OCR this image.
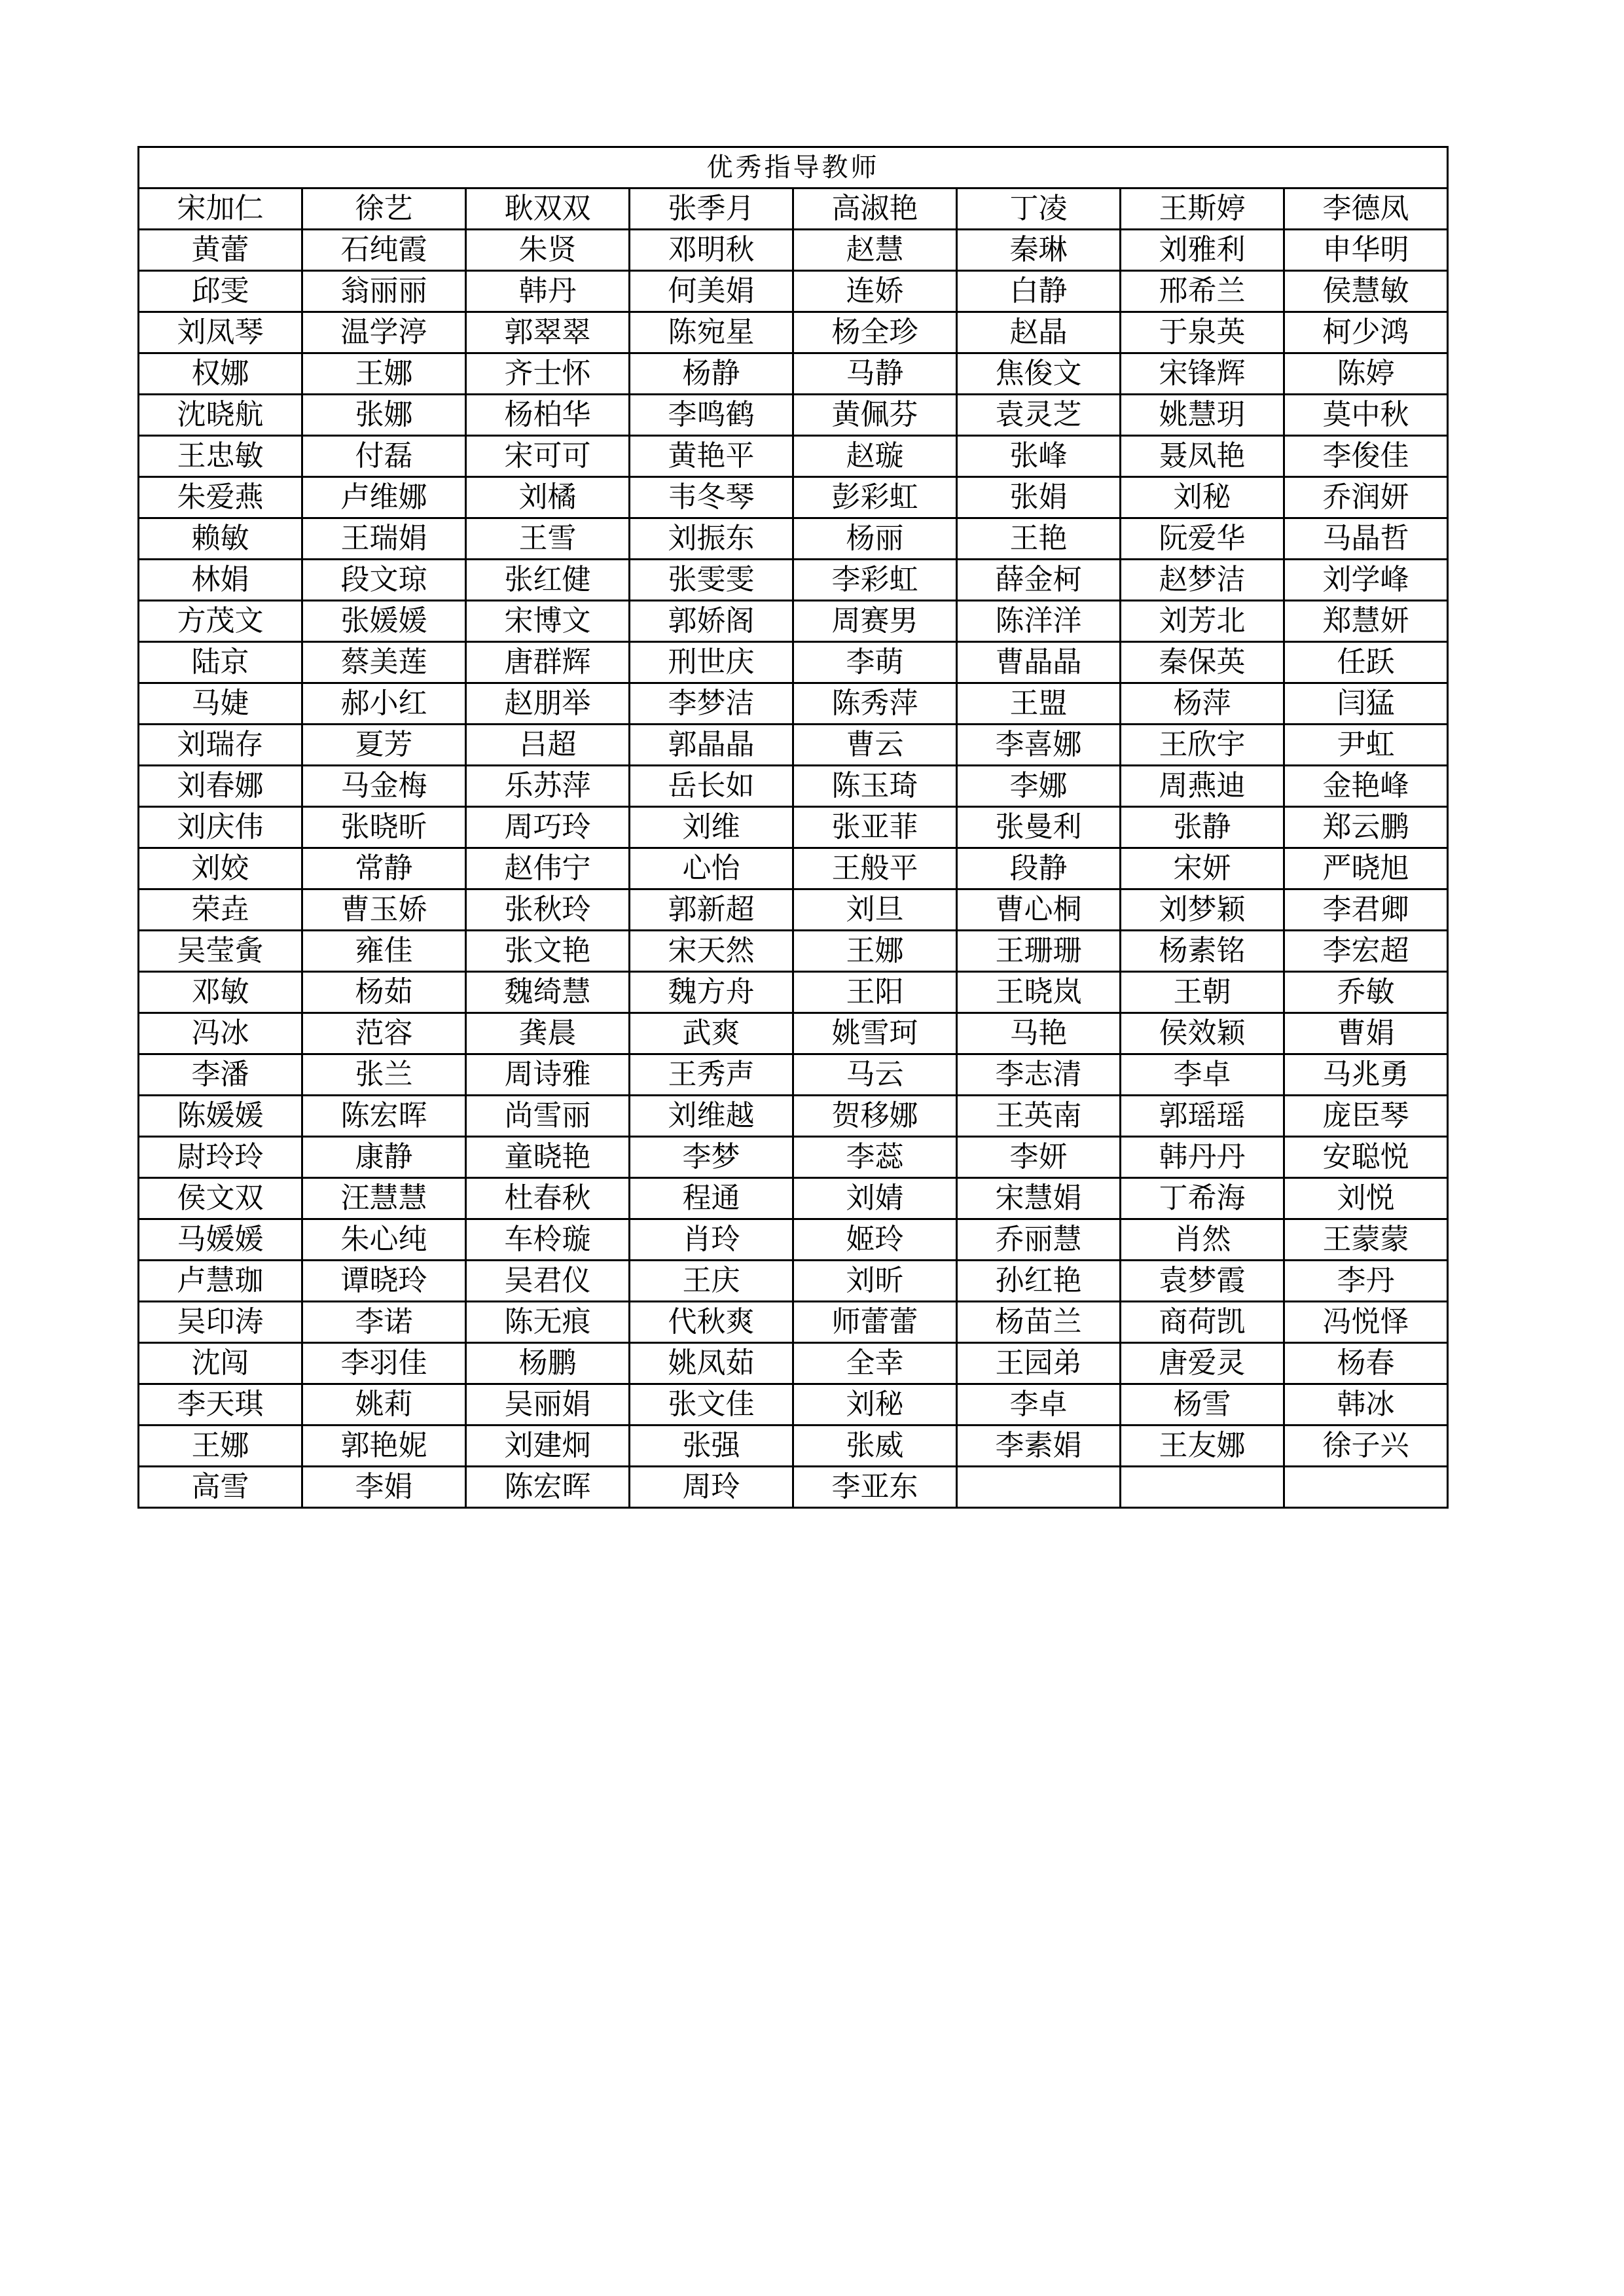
优秀指导教师							
宋加仁	徐艺	耿双双	张季月	高淑艳	丁凌	王斯婷	李德凤
黄蕾	石纯霞	朱贤	邓明秋	赵慧	秦琳	刘雅利	申华明
邱雯	翁丽丽	韩丹	何美娟	连娇	白静	邢希兰	侯慧敏
刘凤琴	温学渟	郭翠翠	陈宛星	杨全珍	赵晶	于泉英	柯少鸿
权娜	王娜	齐士怀	杨静	马静	焦俊文	宋锋辉	陈婷
沈晓航	张娜	杨柏华	李鸣鹤	黄佩芬	袁灵芝	姚慧玥	莫中秋
王忠敏	付磊	宋可可	黄艳平	赵璇	张峰	聂凤艳	李俊佳
朱爱燕	卢维娜	刘橘	韦冬琴	彭彩虹	张娟	刘秘	乔润妍
赖敏	王瑞娟	王雪	刘振东	杨丽	王艳	阮爱华	马晶哲
林娟	段文琼	张红健	张雯雯	李彩虹	薛金柯	赵梦洁	刘学峰
方茂文	张媛媛	宋博文	郭娇阁	周赛男	陈洋洋	刘芳北	郑慧妍
陆京	蔡美莲	唐群辉	刑世庆	李萌	曹晶晶	秦保英	任跃
马婕	郝小红	赵朋举	李梦洁	陈秀萍	王盟	杨萍	闫猛
刘瑞存	夏芳	吕超	郭晶晶	曹云	李喜娜	王欣宇	尹虹
刘春娜	马金梅	乐苏萍	岳长如	陈玉琦	李娜	周燕迪	金艳峰
刘庆伟	张晓昕	周巧玲	刘维	张亚菲	张曼利	张静	郑云鹏
刘姣	常静	赵伟宁	心怡	王般平	段静	宋妍	严晓旭
荣垚	曹玉娇	张秋玲	郭新超	刘旦	曹心桐	刘梦颖	李君卿
吴莹夤	雍佳	张文艳	宋天然	王娜	王珊珊	杨素铭	李宏超
邓敏	杨茹	魏绮慧	魏方舟	王阳	王晓岚	王朝	乔敏
冯冰	范容	龚晨	武爽	姚雪珂	马艳	侯效颖	曹娟
李潘	张兰	周诗雅	王秀声	马云	李志清	李卓	马兆勇
陈媛媛	陈宏晖	尚雪丽	刘维越	贺移娜	王英南	郭瑶瑶	庞臣琴
尉玲玲	康静	童晓艳	李梦	李蕊	李妍	韩丹丹	安聪悦
侯文双	汪慧慧	杜春秋	程通	刘婧	宋慧娟	丁希海	刘悦
马媛媛	朱心纯	车柃璇	肖玲	姬玲	乔丽慧	肖然	王蒙蒙
卢慧珈	谭晓玲	吴君仪	王庆	刘昕	孙红艳	袁梦霞	李丹
吴印涛	李诺	陈无痕	代秋爽	师蕾蕾	杨苗兰	商荷凯	冯悦怿
沈闯	李羽佳	杨鹏	姚凤茹	全幸	王园弟	唐爱灵	杨春
李天琪	姚莉	吴丽娟	张文佳	刘秘	李卓	杨雪	韩冰
王娜	郭艳妮	刘建炯	张强	张威	李素娟	王友娜	徐子兴
高雪	李娟	陈宏晖	周玲	李亚东			
